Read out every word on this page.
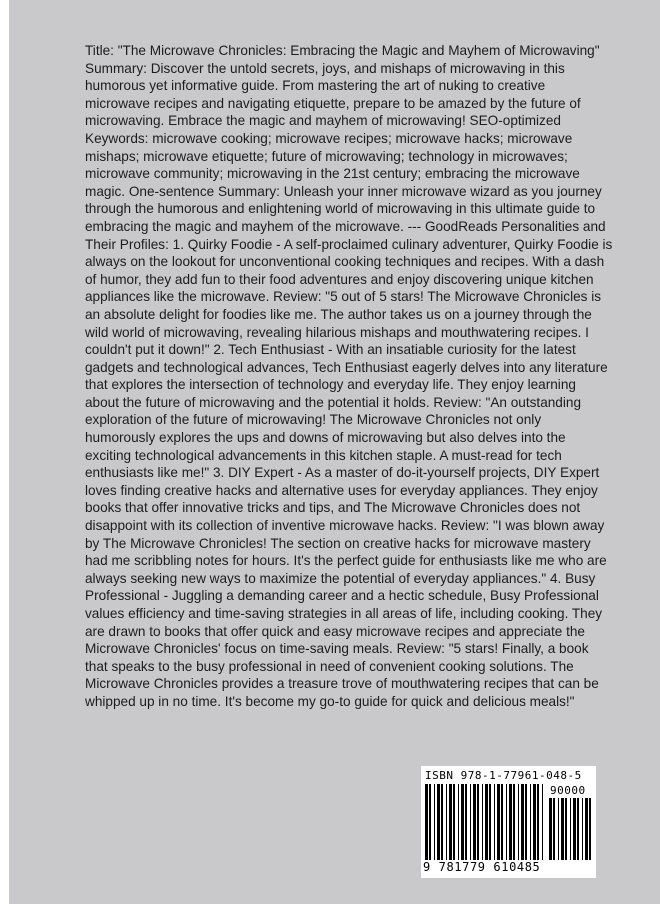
Title: "The Microwave Chronicles: Embracing the Magic and Mayhem of Microwaving" Summary: Discover the untold secrets, joys, and mishaps of microwaving in this humorous yet informative guide. From mastering the art of nuking to creative microwave recipes and navigating etiquette, prepare to be amazed by the future of microwaving. Embrace the magic and mayhem of microwaving! SEO-optimized Keywords: microwave cooking; microwave recipes; microwave hacks; microwave mishaps; microwave etiquette; future of microwaving; technology in microwaves; microwave community; microwaving in the 21st century; embracing the microwave magic. One-sentence Summary: Unleash your inner microwave wizard as you journey through the humorous and enlightening world of microwaving in this ultimate guide to embracing the magic and mayhem of the microwave. --- GoodReads Personalities and Their Profiles: 1. Quirky Foodie - A self-proclaimed culinary adventurer, Quirky Foodie is always on the lookout for unconventional cooking techniques and recipes. With a dash of humor, they add fun to their food adventures and enjoy discovering unique kitchen appliances like the microwave. Review: "5 out of 5 stars! The Microwave Chronicles is an absolute delight for foodies like me. The author takes us on a journey through the wild world of microwaving, revealing hilarious mishaps and mouthwatering recipes. I couldn't put it down!" 2. Tech Enthusiast - With an insatiable curiosity for the latest gadgets and technological advances, Tech Enthusiast eagerly delves into any literature that explores the intersection of technology and everyday life. They enjoy learning about the future of microwaving and the potential it holds. Review: "An outstanding exploration of the future of microwaving! The Microwave Chronicles not only humorously explores the ups and downs of microwaving but also delves into the exciting technological advancements in this kitchen staple. A must-read for tech enthusiasts like me!" 3. DIY Expert - As a master of do-it-yourself projects, DIY Expert loves finding creative hacks and alternative uses for everyday appliances. They enjoy books that offer innovative tricks and tips, and The Microwave Chronicles does not disappoint with its collection of inventive microwave hacks. Review: "I was blown away by The Microwave Chronicles! The section on creative hacks for microwave mastery had me scribbling notes for hours. It's the perfect guide for enthusiasts like me who are always seeking new ways to maximize the potential of everyday appliances." 4. Busy Professional - Juggling a demanding career and a hectic schedule, Busy Professional values efficiency and time-saving strategies in all areas of life, including cooking. They are drawn to books that offer quick and easy microwave recipes and appreciate the Microwave Chronicles' focus on time-saving meals. Review: "5 stars! Finally, a book that speaks to the busy professional in need of convenient cooking solutions. The Microwave Chronicles provides a treasure trove of mouthwatering recipes that can be whipped up in no time. It's become my go-to guide for quick and delicious meals!"

ISBN 978-1-77961-048-5
90000
9 781779 610485
